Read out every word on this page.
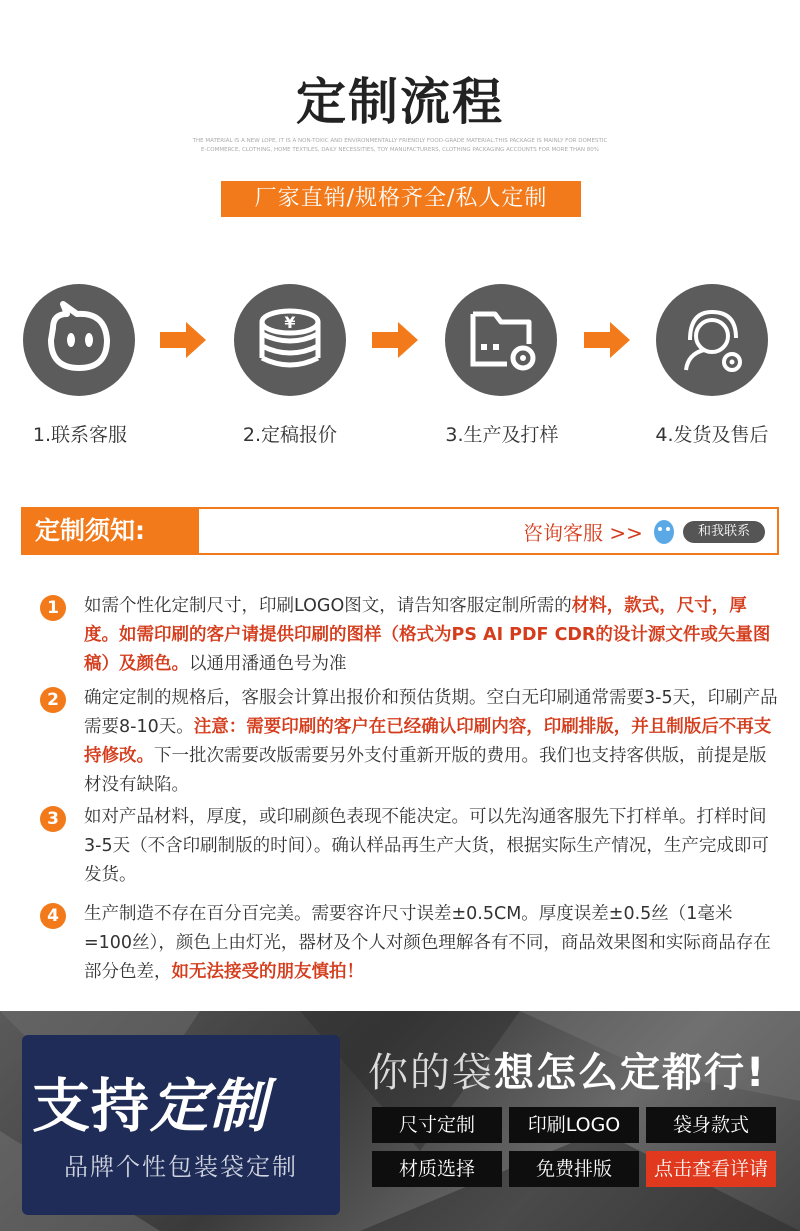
定制流程
THE MATERIAL IS A NEW LOPE, IT IS A NON-TOXIC AND ENVIRONMENTALLY FRIENDLY FOOD-GRADE MATERIAL.THIS PACKAGE IS MAINLY FOR DOMESTIC E-COMMERCE, CLOTHING, HOME TEXTILES, DAILY NECESSITIES, TOY MANUFACTURERS, CLOTHING PACKAGING ACCOUNTS FOR MORE THAN 80%
厂家直销/规格齐全/私人定制
¥
1.联系客服	2.定稿报价	3.生产及打样	4.发货及售后
定制须知:	咨询客服 >>	和我联系
1	如需个性化定制尺寸，印刷LOGO图文，请告知客服定制所需的材料，款式，尺寸，厚度。如需印刷的客户请提供印刷的图样（格式为PS AI PDF CDR的设计源文件或矢量图稿）及颜色。以通用潘通色号为准
2	确定定制的规格后，客服会计算出报价和预估货期。空白无印刷通常需要3-5天，印刷产品需要8-10天。注意：需要印刷的客户在已经确认印刷内容，印刷排版，并且制版后不再支持修改。下一批次需要改版需要另外支付重新开版的费用。我们也支持客供版，前提是版材没有缺陷。
3	如对产品材料，厚度，或印刷颜色表现不能决定。可以先沟通客服先下打样单。打样时间3-5天（不含印刷制版的时间）。确认样品再生产大货，根据实际生产情况，生产完成即可发货。
4	生产制造不存在百分百完美。需要容许尺寸误差±0.5CM。厚度误差±0.5丝（1毫米=100丝），颜色上由灯光，器材及个人对颜色理解各有不同，商品效果图和实际商品存在部分色差，如无法接受的朋友慎拍！
支持定制
品牌个性包装袋定制
你的袋想怎么定都行!
尺寸定制	印刷LOGO	袋身款式
材质选择	免费排版	点击查看详请
